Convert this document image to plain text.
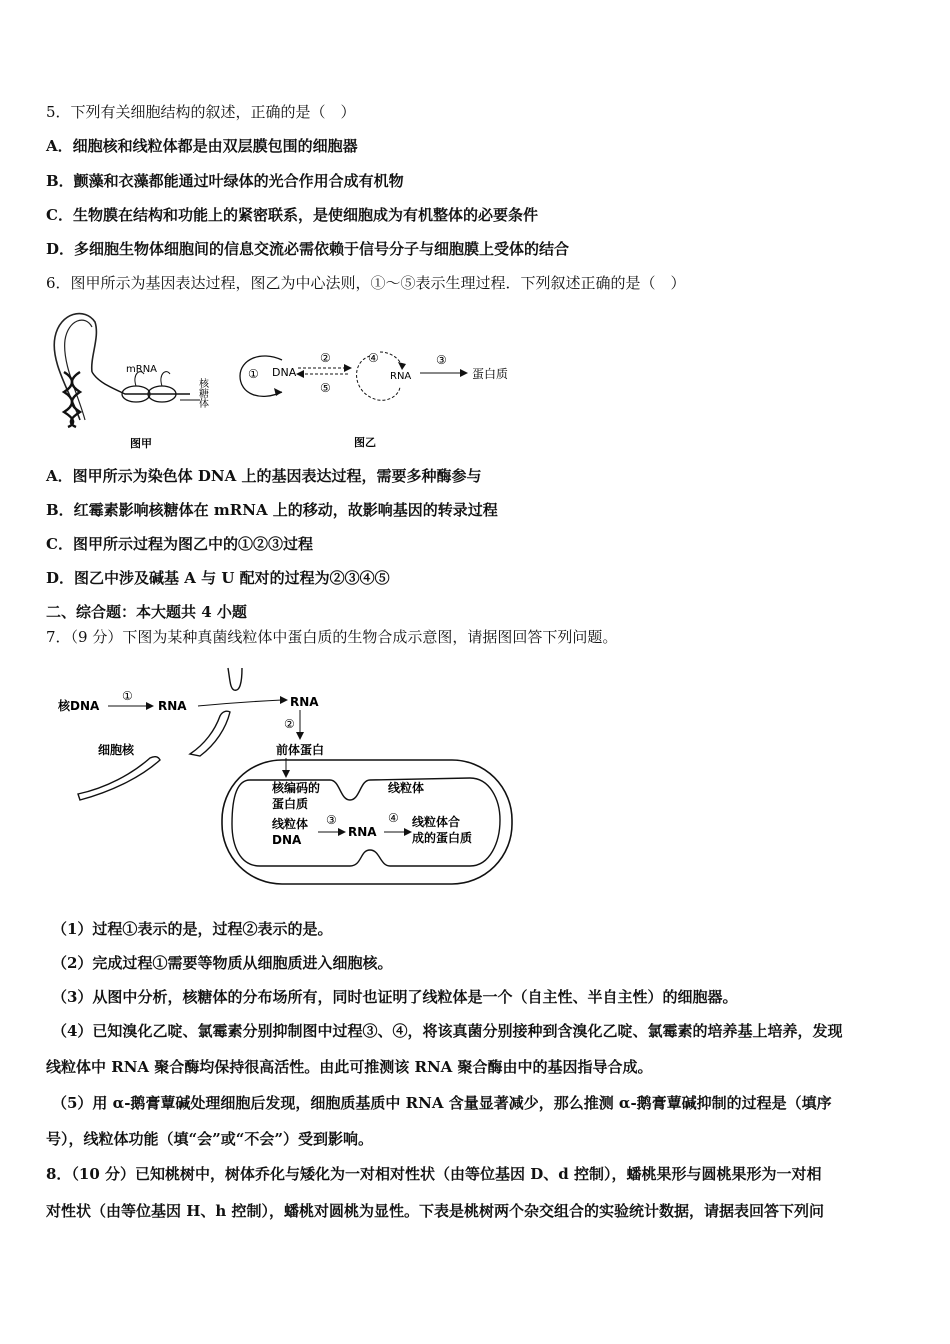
5．下列有关细胞结构的叙述，正确的是（　）
A．细胞核和线粒体都是由双层膜包围的细胞器
B．颤藻和衣藻都能通过叶绿体的光合作用合成有机物
C．生物膜在结构和功能上的紧密联系，是使细胞成为有机整体的必要条件
D．多细胞生物体细胞间的信息交流必需依赖于信号分子与细胞膜上受体的结合
6．图甲所示为基因表达过程，图乙为中心法则，①～⑤表示生理过程．下列叙述正确的是（　）
mRNA
核糖体
图甲
① DNA
②
⑤
④
RNA
③
蛋白质
图乙
A．图甲所示为染色体 DNA 上的基因表达过程，需要多种酶参与
B．红霉素影响核糖体在 mRNA 上的移动，故影响基因的转录过程
C．图甲所示过程为图乙中的①②③过程
D．图乙中涉及碱基 A 与 U 配对的过程为②③④⑤
二、综合题：本大题共 4 小题
7．（9 分）下图为某种真菌线粒体中蛋白质的生物合成示意图，请据图回答下列问题。
核DNA
①
RNA	RNA
②
前体蛋白
细胞核
核编码的
蛋白质
线粒体
线粒体
DNA
③
RNA
④ 线粒体合
成的蛋白质
（1）过程①表示的是，过程②表示的是。
（2）完成过程①需要等物质从细胞质进入细胞核。
（3）从图中分析，核糖体的分布场所有，同时也证明了线粒体是一个（自主性、半自主性）的细胞器。
（4）已知溴化乙啶、氯霉素分别抑制图中过程③、④，将该真菌分别接种到含溴化乙啶、氯霉素的培养基上培养，发现
线粒体中 RNA 聚合酶均保持很高活性。由此可推测该 RNA 聚合酶由中的基因指导合成。
（5）用 α-鹅膏蕈碱处理细胞后发现，细胞质基质中 RNA 含量显著减少，那么推测 α-鹅膏蕈碱抑制的过程是（填序
号），线粒体功能（填“会”或“不会”）受到影响。
8．（10 分）已知桃树中，树体乔化与矮化为一对相对性状（由等位基因 D、d 控制），蟠桃果形与圆桃果形为一对相
对性状（由等位基因 H、h 控制），蟠桃对圆桃为显性。下表是桃树两个杂交组合的实验统计数据，请据表回答下列问
